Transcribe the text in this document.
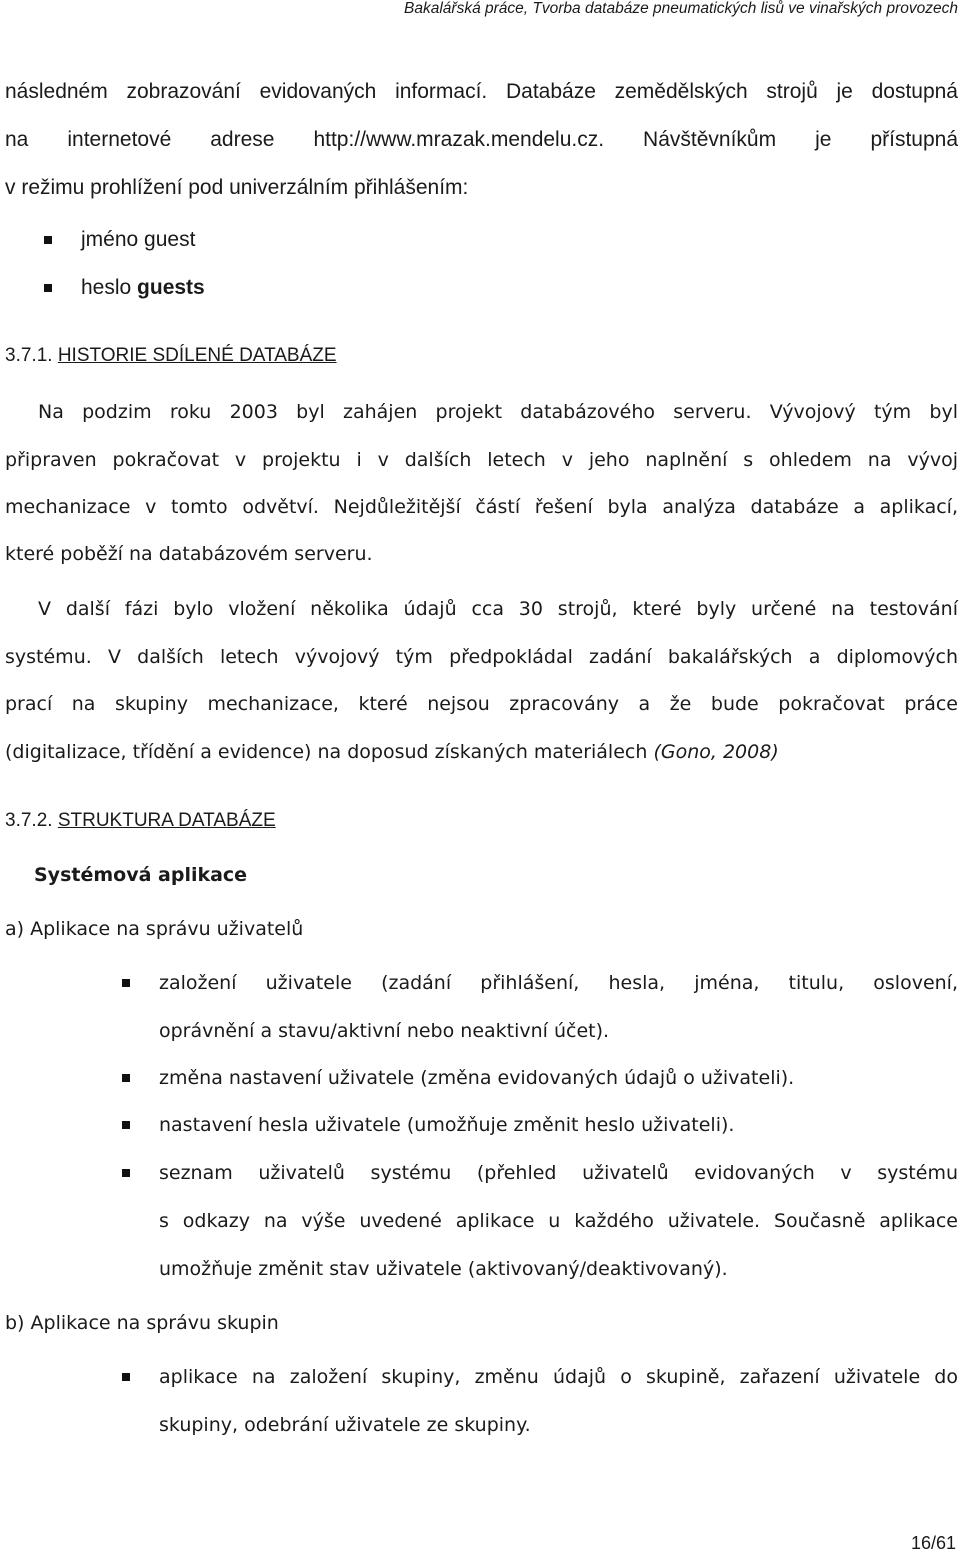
Bakalářská práce, Tvorba databáze pneumatických lisů ve vinařských provozech
následném zobrazování evidovaných informací. Databáze zemědělských strojů je dostupná
na internetové adrese http://www.mrazak.mendelu.cz. Návštěvníkům je přístupná
v režimu prohlížení pod univerzálním přihlášením:
jméno guest
heslo guests
3.7.1. HISTORIE SDÍLENÉ DATABÁZE
Na podzim roku 2003 byl zahájen projekt databázového serveru. Vývojový tým byl
připraven pokračovat v projektu i v dalších letech v jeho naplnění s ohledem na vývoj
mechanizace v tomto odvětví. Nejdůležitější částí řešení byla analýza databáze a aplikací,
které poběží na databázovém serveru.
V další fázi bylo vložení několika údajů cca 30 strojů, které byly určené na testování
systému. V dalších letech vývojový tým předpokládal zadání bakalářských a diplomových
prací na skupiny mechanizace, které nejsou zpracovány a že bude pokračovat práce
(digitalizace, třídění a evidence) na doposud získaných materiálech (Gono, 2008)
3.7.2. STRUKTURA DATABÁZE
Systémová aplikace
a) Aplikace na správu uživatelů
založení uživatele (zadání přihlášení, hesla, jména, titulu, oslovení,
oprávnění a stavu/aktivní nebo neaktivní účet).
změna nastavení uživatele (změna evidovaných údajů o uživateli).
nastavení hesla uživatele (umožňuje změnit heslo uživateli).
seznam uživatelů systému (přehled uživatelů evidovaných v systému
s odkazy na výše uvedené aplikace u každého uživatele. Současně aplikace
umožňuje změnit stav uživatele (aktivovaný/deaktivovaný).
b) Aplikace na správu skupin
aplikace na založení skupiny, změnu údajů o skupině, zařazení uživatele do
skupiny, odebrání uživatele ze skupiny.
16/61
